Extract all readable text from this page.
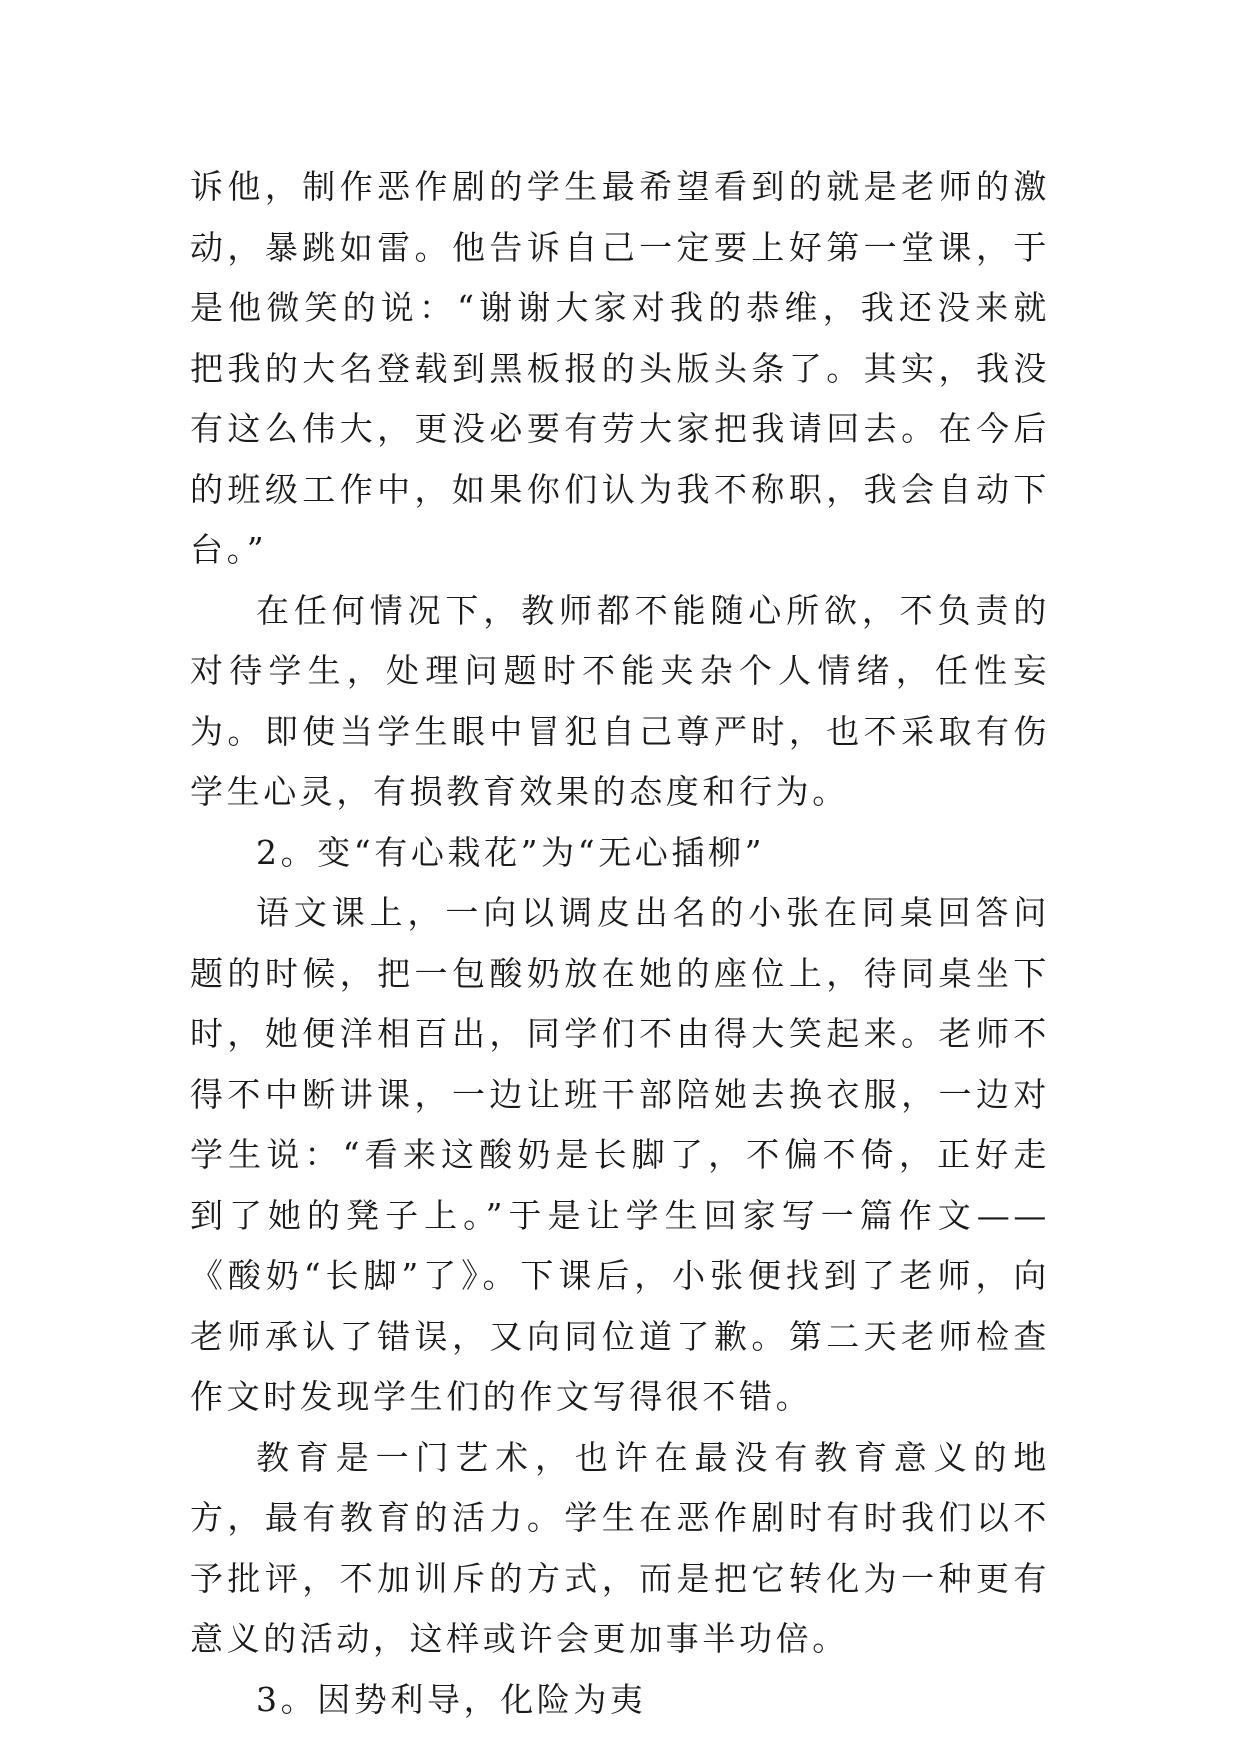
诉他，制作恶作剧的学生最希望看到的就是老师的激动，暴跳如雷。他告诉自己一定要上好第一堂课，于是他微笑的说：“谢谢大家对我的恭维，我还没来就把我的大名登载到黑板报的头版头条了。其实，我没有这么伟大，更没必要有劳大家把我请回去。在今后的班级工作中，如果你们认为我不称职，我会自动下台。”

在任何情况下，教师都不能随心所欲，不负责的对待学生，处理问题时不能夹杂个人情绪，任性妄为。即使当学生眼中冒犯自己尊严时，也不采取有伤学生心灵，有损教育效果的态度和行为。

2。变“有心栽花”为“无心插柳”

语文课上，一向以调皮出名的小张在同桌回答问题的时候，把一包酸奶放在她的座位上，待同桌坐下时，她便洋相百出，同学们不由得大笑起来。老师不得不中断讲课，一边让班干部陪她去换衣服，一边对学生说：“看来这酸奶是长脚了，不偏不倚，正好走到了她的凳子上。”于是让学生回家写一篇作文——《酸奶“长脚”了》。下课后，小张便找到了老师，向老师承认了错误，又向同位道了歉。第二天老师检查作文时发现学生们的作文写得很不错。

教育是一门艺术，也许在最没有教育意义的地方，最有教育的活力。学生在恶作剧时有时我们以不予批评，不加训斥的方式，而是把它转化为一种更有意义的活动，这样或许会更加事半功倍。

3。因势利导，化险为夷
